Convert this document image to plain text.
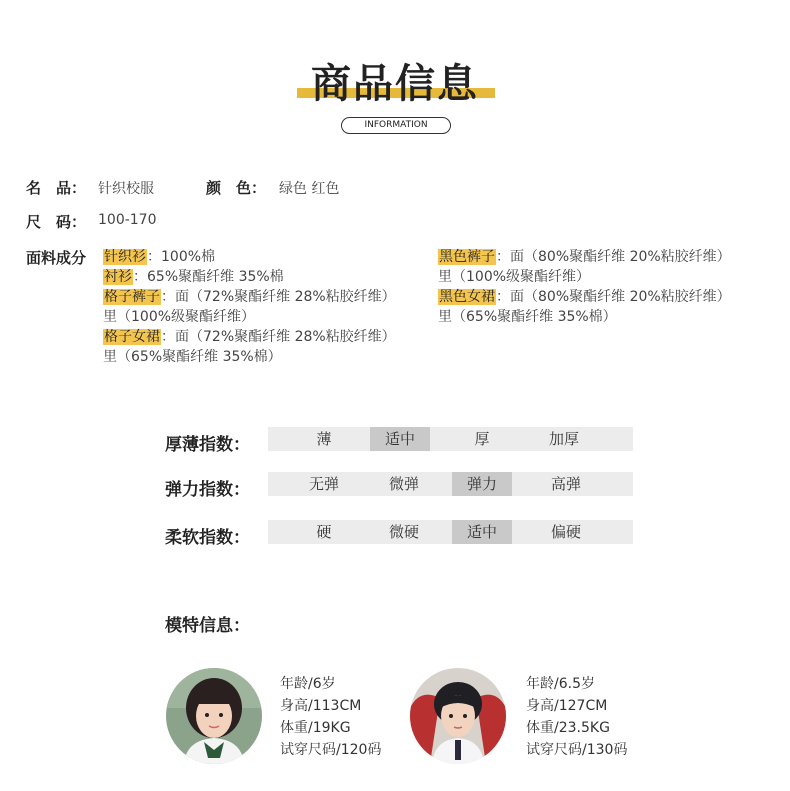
商品信息
INFORMATION
名　品： 针织校服	颜　色： 绿色 红色
尺　码： 100-170
面料成分 针织衫：100%棉
衬衫：65%聚酯纤维 35%棉
格子裤子：面（72%聚酯纤维 28%粘胶纤维）
里（100%级聚酯纤维）
格子女裙：面（72%聚酯纤维 28%粘胶纤维）
里（65%聚酯纤维 35%棉）
黑色裤子：面（80%聚酯纤维 20%粘胶纤维）
里（100%级聚酯纤维）
黑色女裙：面（80%聚酯纤维 20%粘胶纤维）
里（65%聚酯纤维 35%棉）
厚薄指数：	薄	适中	厚	加厚
弹力指数：	无弹	微弹	弹力	高弹
柔软指数：	硬	微硬	适中	偏硬
模特信息：
年龄/6岁
身高/113CM
体重/19KG
试穿尺码/120码
年龄/6.5岁
身高/127CM
体重/23.5KG
试穿尺码/130码
